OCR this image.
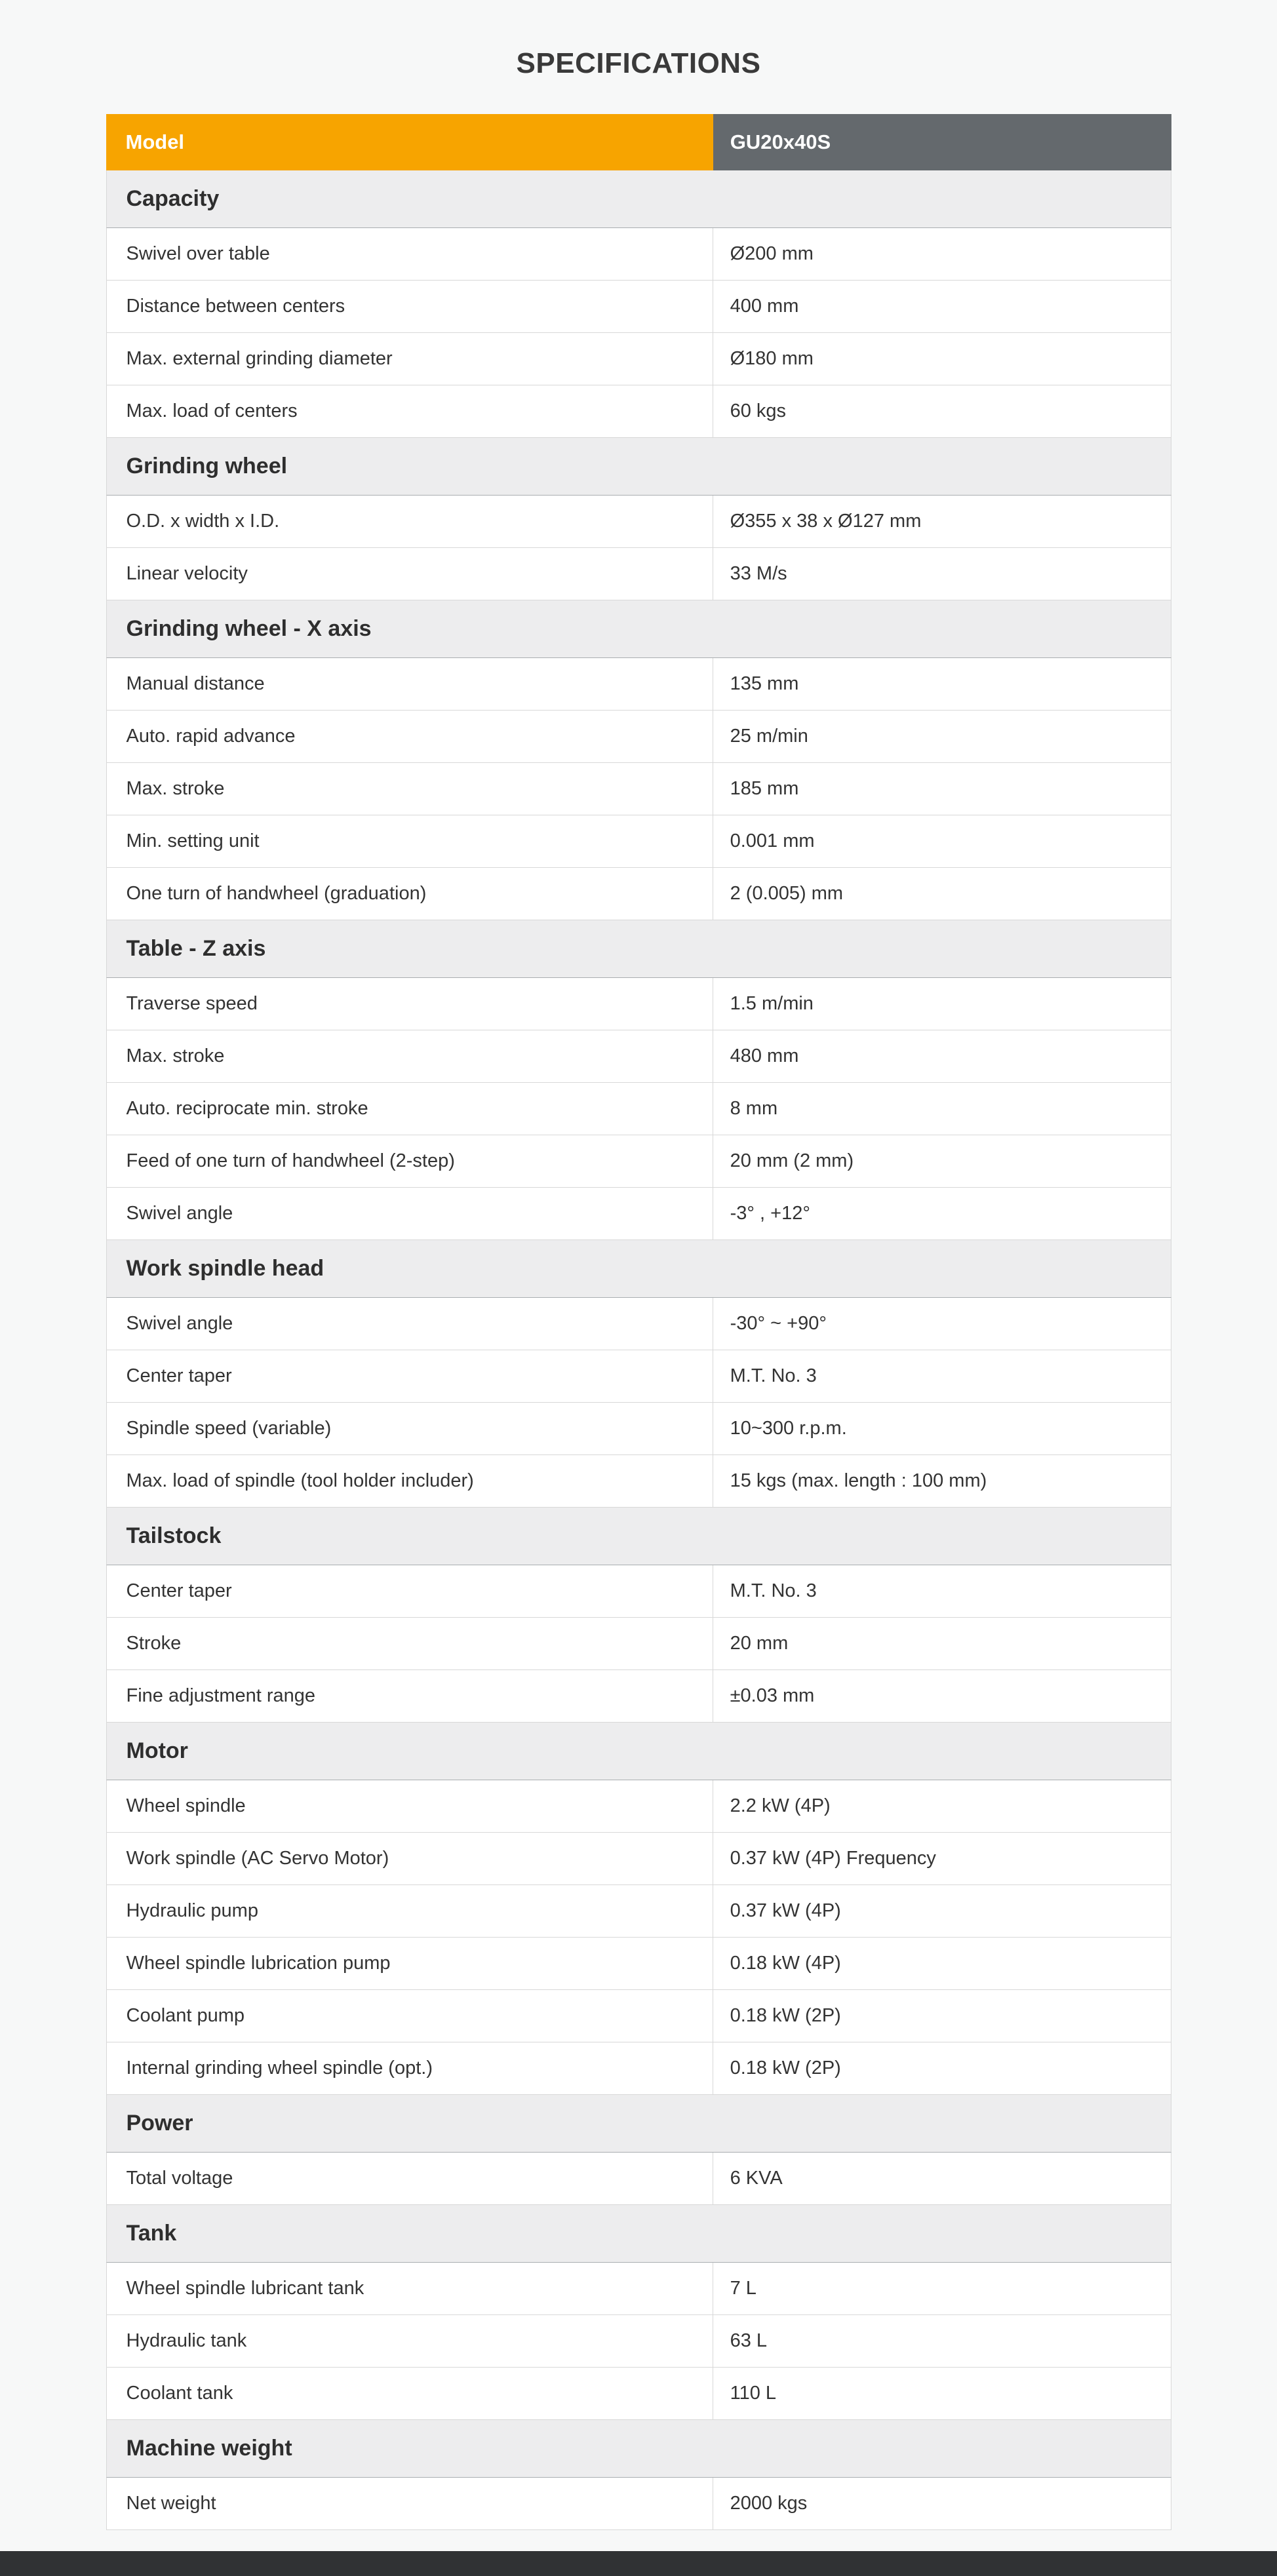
SPECIFICATIONS
Model	GU20x40S
Capacity
Swivel over table	Ø200 mm
Distance between centers	400 mm
Max. external grinding diameter	Ø180 mm
Max. load of centers	60 kgs
Grinding wheel
O.D. x width x I.D.	Ø355 x 38 x Ø127 mm
Linear velocity	33 M/s
Grinding wheel - X axis
Manual distance	135 mm
Auto. rapid advance	25 m/min
Max. stroke	185 mm
Min. setting unit	0.001 mm
One turn of handwheel (graduation)	2 (0.005) mm
Table - Z axis
Traverse speed	1.5 m/min
Max. stroke	480 mm
Auto. reciprocate min. stroke	8 mm
Feed of one turn of handwheel (2-step)	20 mm (2 mm)
Swivel angle	-3° , +12°
Work spindle head
Swivel angle	-30° ~ +90°
Center taper	M.T. No. 3
Spindle speed (variable)	10~300 r.p.m.
Max. load of spindle (tool holder includer)	15 kgs (max. length : 100 mm)
Tailstock
Center taper	M.T. No. 3
Stroke	20 mm
Fine adjustment range	±0.03 mm
Motor
Wheel spindle	2.2 kW (4P)
Work spindle (AC Servo Motor)	0.37 kW (4P) Frequency
Hydraulic pump	0.37 kW (4P)
Wheel spindle lubrication pump	0.18 kW (4P)
Coolant pump	0.18 kW (2P)
Internal grinding wheel spindle (opt.)	0.18 kW (2P)
Power
Total voltage	6 KVA
Tank
Wheel spindle lubricant tank	7 L
Hydraulic tank	63 L
Coolant tank	110 L
Machine weight
Net weight	2000 kgs
